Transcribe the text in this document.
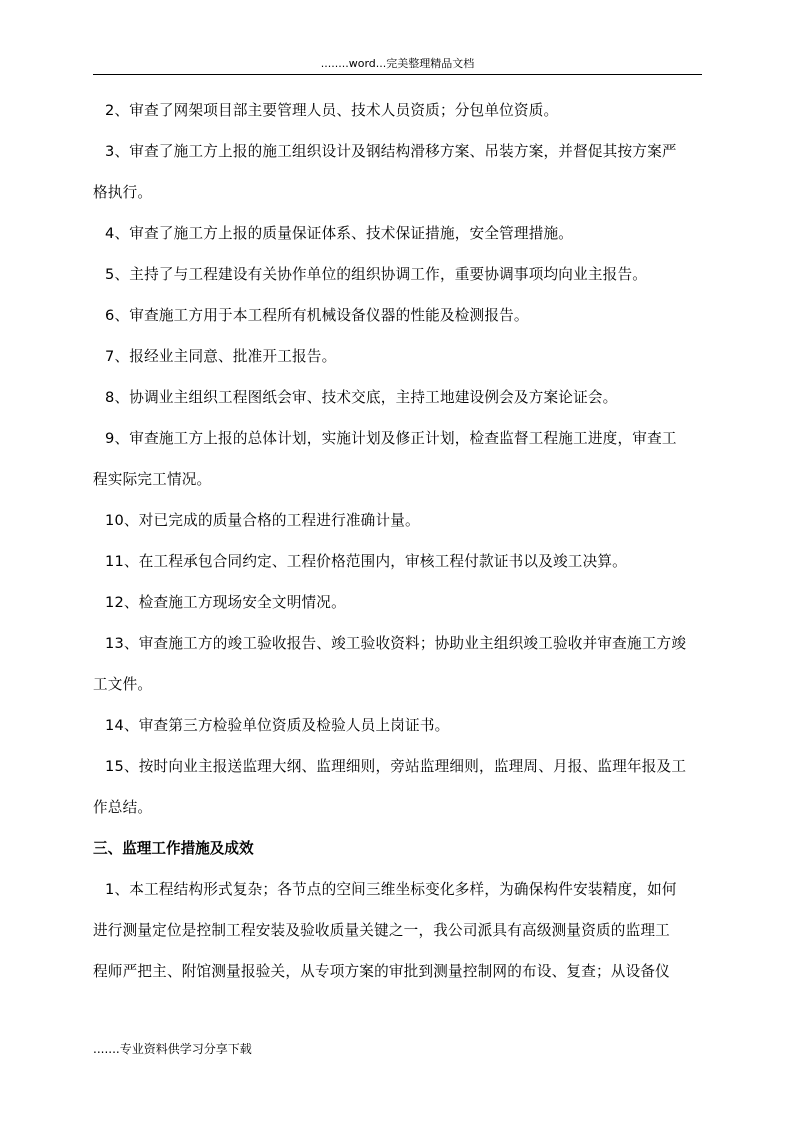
........word...完美整理精品文档
2、审查了网架项目部主要管理人员、技术人员资质；分包单位资质。
3、审查了施工方上报的施工组织设计及钢结构滑移方案、吊装方案，并督促其按方案严
格执行。
4、审查了施工方上报的质量保证体系、技术保证措施，安全管理措施。
5、主持了与工程建设有关协作单位的组织协调工作，重要协调事项均向业主报告。
6、审查施工方用于本工程所有机械设备仪器的性能及检测报告。
7、报经业主同意、批准开工报告。
8、协调业主组织工程图纸会审、技术交底，主持工地建设例会及方案论证会。
9、审查施工方上报的总体计划，实施计划及修正计划，检查监督工程施工进度，审查工
程实际完工情况。
10、对已完成的质量合格的工程进行准确计量。
11、在工程承包合同约定、工程价格范围内，审核工程付款证书以及竣工决算。
12、检查施工方现场安全文明情况。
13、审查施工方的竣工验收报告、竣工验收资料；协助业主组织竣工验收并审查施工方竣
工文件。
14、审查第三方检验单位资质及检验人员上岗证书。
15、按时向业主报送监理大纲、监理细则，旁站监理细则，监理周、月报、监理年报及工
作总结。
三、监理工作措施及成效
1、本工程结构形式复杂；各节点的空间三维坐标变化多样，为确保构件安装精度，如何
进行测量定位是控制工程安装及验收质量关键之一，我公司派具有高级测量资质的监理工
程师严把主、附馆测量报验关，从专项方案的审批到测量控制网的布设、复查；从设备仪
.......专业资料供学习分享下载
